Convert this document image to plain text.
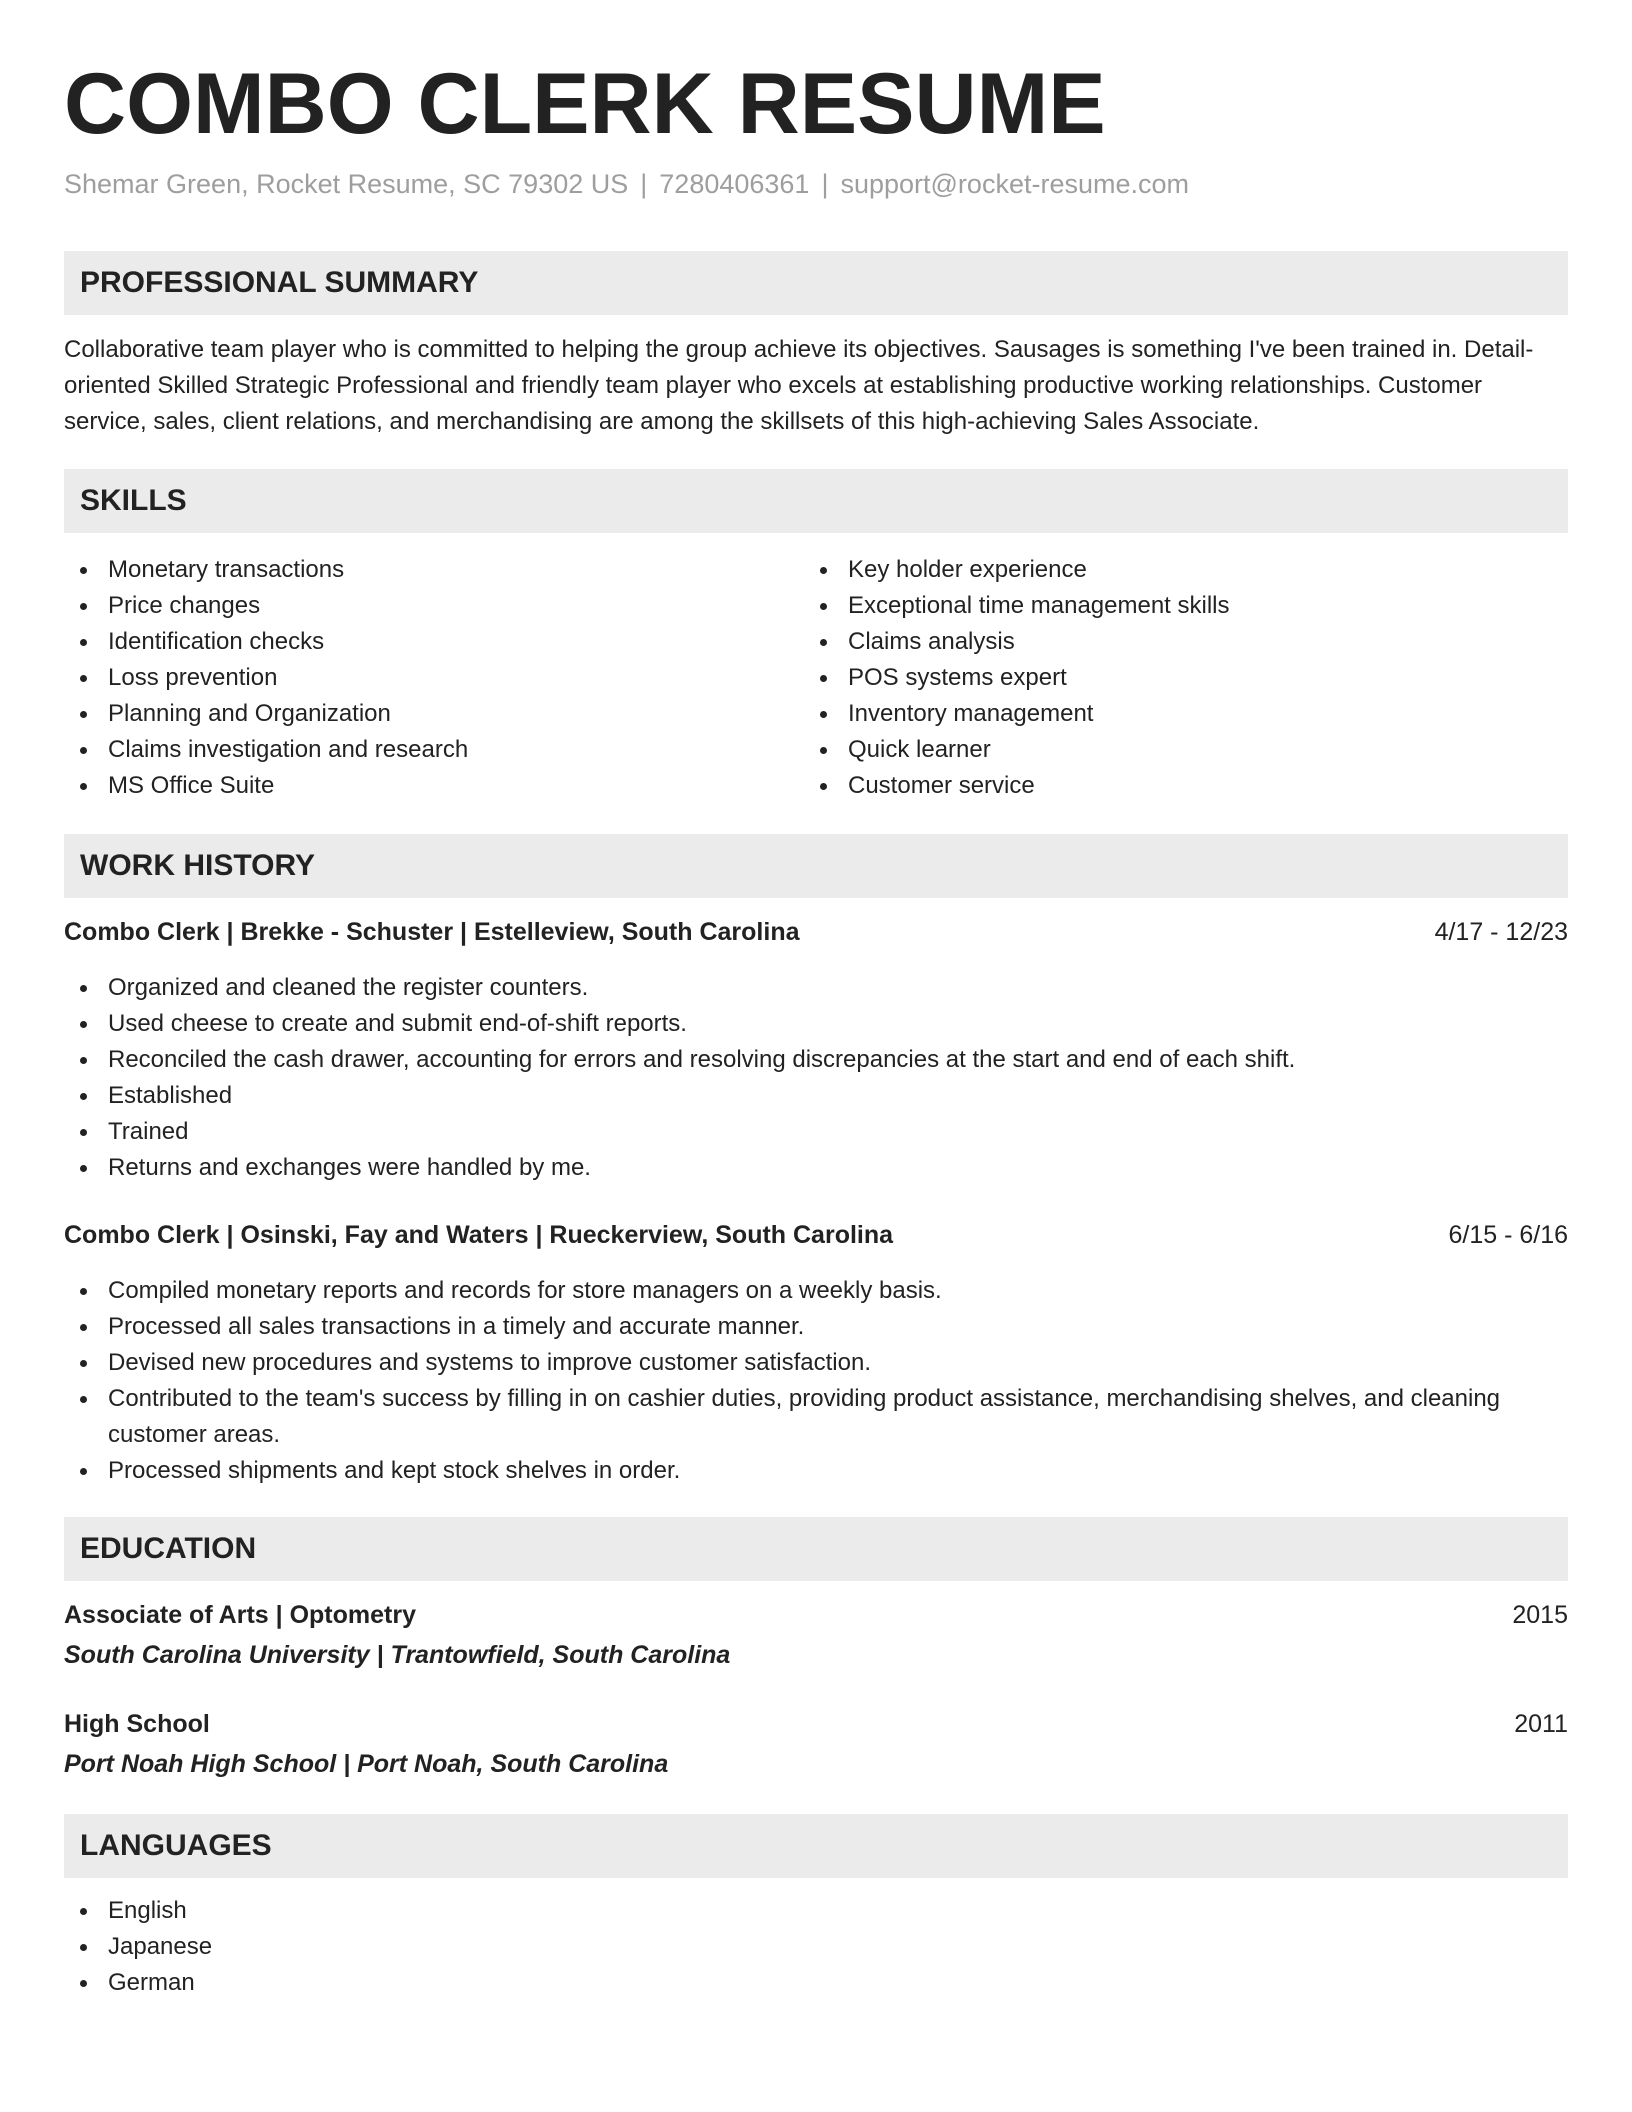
COMBO CLERK RESUME
Shemar Green, Rocket Resume, SC 79302 US | 7280406361 | support@rocket-resume.com
PROFESSIONAL SUMMARY

Collaborative team player who is committed to helping the group achieve its objectives. Sausages is something I've been trained in. Detail-oriented Skilled Strategic Professional and friendly team player who excels at establishing productive working relationships. Customer service, sales, client relations, and merchandising are among the skillsets of this high-achieving Sales Associate.

SKILLS
Monetary transactions
Price changes
Identification checks
Loss prevention
Planning and Organization
Claims investigation and research
MS Office Suite
Key holder experience
Exceptional time management skills
Claims analysis
POS systems expert
Inventory management
Quick learner
Customer service
WORK HISTORY
Combo Clerk | Brekke - Schuster | Estelleview, South Carolina	4/17 - 12/23
Organized and cleaned the register counters.
Used cheese to create and submit end-of-shift reports.
Reconciled the cash drawer, accounting for errors and resolving discrepancies at the start and end of each shift.
Established
Trained
Returns and exchanges were handled by me.
Combo Clerk | Osinski, Fay and Waters | Rueckerview, South Carolina	6/15 - 6/16
Compiled monetary reports and records for store managers on a weekly basis.
Processed all sales transactions in a timely and accurate manner.
Devised new procedures and systems to improve customer satisfaction.
Contributed to the team's success by filling in on cashier duties, providing product assistance, merchandising shelves, and cleaning customer areas.
Processed shipments and kept stock shelves in order.
EDUCATION
Associate of Arts | Optometry	2015
South Carolina University | Trantowfield, South Carolina
High School	2011
Port Noah High School | Port Noah, South Carolina
LANGUAGES
English
Japanese
German
